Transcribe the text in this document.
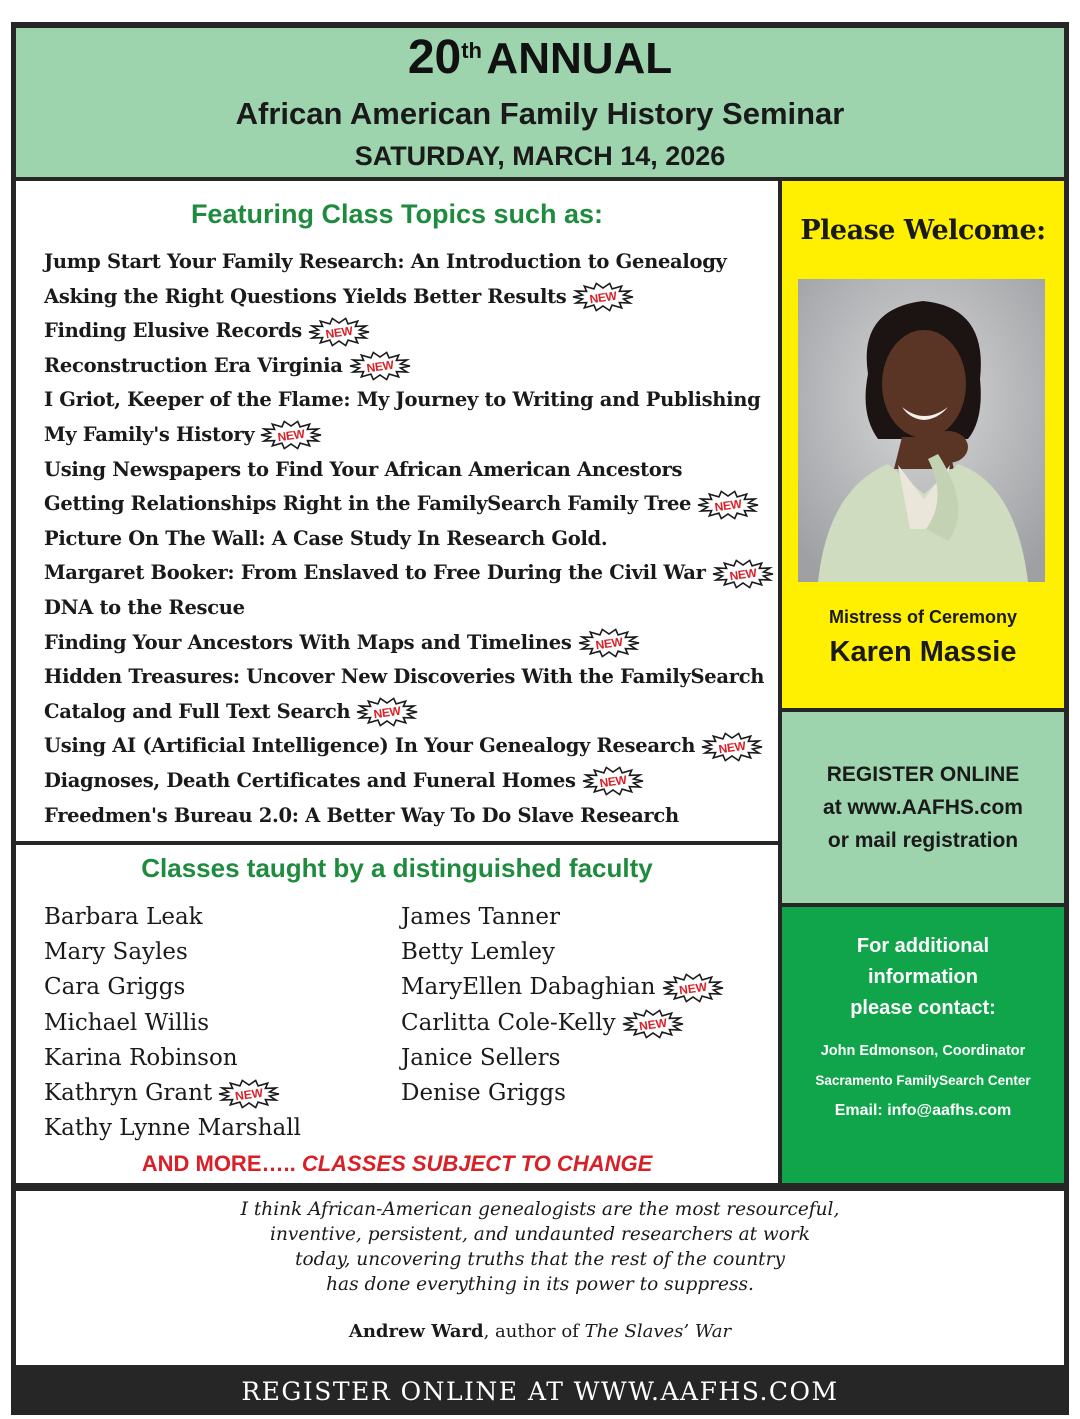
20th ANNUAL
African American Family History Seminar
SATURDAY, MARCH 14, 2026
Featuring Class Topics such as:
Jump Start Your Family Research: An Introduction to Genealogy
Asking the Right Questions Yields Better Results NEW
Finding Elusive Records NEW
Reconstruction Era Virginia NEW
I Griot, Keeper of the Flame: My Journey to Writing and Publishing
My Family's History NEW
Using Newspapers to Find Your African American Ancestors
Getting Relationships Right in the FamilySearch Family Tree NEW
Picture On The Wall: A Case Study In Research Gold.
Margaret Booker: From Enslaved to Free During the Civil War NEW
DNA to the Rescue
Finding Your Ancestors With Maps and Timelines NEW
Hidden Treasures: Uncover New Discoveries With the FamilySearch
Catalog and Full Text Search NEW
Using AI (Artificial Intelligence) In Your Genealogy Research NEW
Diagnoses, Death Certificates and Funeral Homes NEW
Freedmen's Bureau 2.0: A Better Way To Do Slave Research
Classes taught by a distinguished faculty
Barbara Leak
Mary Sayles
Cara Griggs
Michael Willis
Karina Robinson
Kathryn Grant NEW
Kathy Lynne Marshall
James Tanner
Betty Lemley
MaryEllen Dabaghian NEW
Carlitta Cole-Kelly NEW
Janice Sellers
Denise Griggs
AND MORE….. CLASSES SUBJECT TO CHANGE
Please Welcome:
Mistress of Ceremony
Karen Massie
REGISTER ONLINE
at www.AAFHS.com
or mail registration
For additional
information
please contact:
John Edmonson, Coordinator
Sacramento FamilySearch Center
Email: info@aafhs.com
I think African-American genealogists are the most resourceful,
inventive, persistent, and undaunted researchers at work
today, uncovering truths that the rest of the country
has done everything in its power to suppress.
Andrew Ward, author of The Slaves’ War
REGISTER ONLINE AT WWW.AAFHS.COM
